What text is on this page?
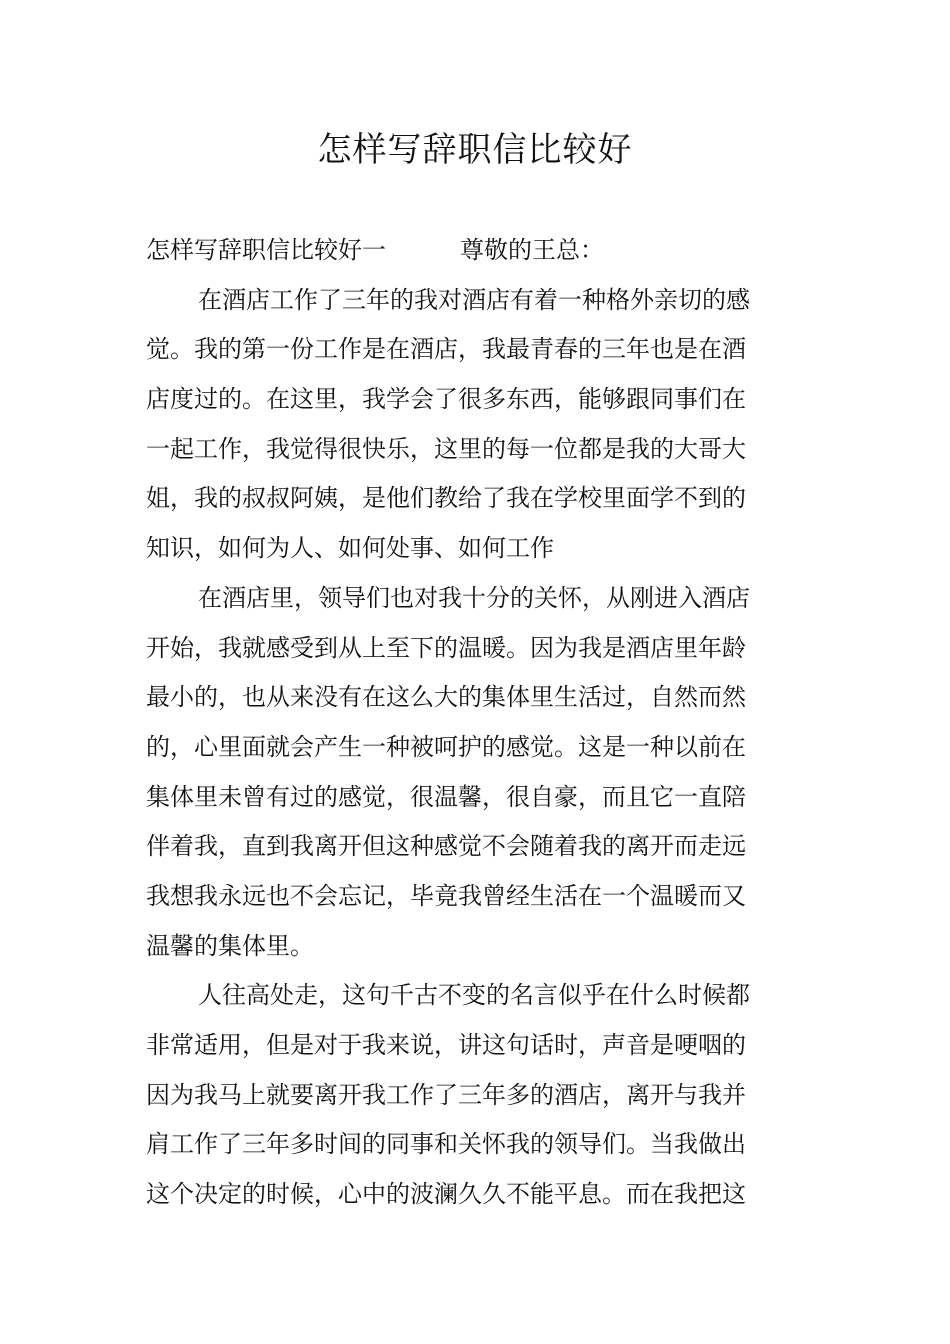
怎样写辞职信比较好
怎样写辞职信比较好一	尊敬的王总：
在酒店工作了三年的我对酒店有着一种格外亲切的感
觉。我的第一份工作是在酒店，我最青春的三年也是在酒
店度过的。在这里，我学会了很多东西，能够跟同事们在
一起工作，我觉得很快乐，这里的每一位都是我的大哥大
姐，我的叔叔阿姨，是他们教给了我在学校里面学不到的
知识，如何为人、如何处事、如何工作
在酒店里，领导们也对我十分的关怀，从刚进入酒店
开始，我就感受到从上至下的温暖。因为我是酒店里年龄
最小的，也从来没有在这么大的集体里生活过，自然而然
的，心里面就会产生一种被呵护的感觉。这是一种以前在
集体里未曾有过的感觉，很温馨，很自豪，而且它一直陪
伴着我，直到我离开但这种感觉不会随着我的离开而走远
我想我永远也不会忘记，毕竟我曾经生活在一个温暖而又
温馨的集体里。
人往高处走，这句千古不变的名言似乎在什么时候都
非常适用，但是对于我来说，讲这句话时，声音是哽咽的
因为我马上就要离开我工作了三年多的酒店，离开与我并
肩工作了三年多时间的同事和关怀我的领导们。当我做出
这个决定的时候，心中的波澜久久不能平息。而在我把这
